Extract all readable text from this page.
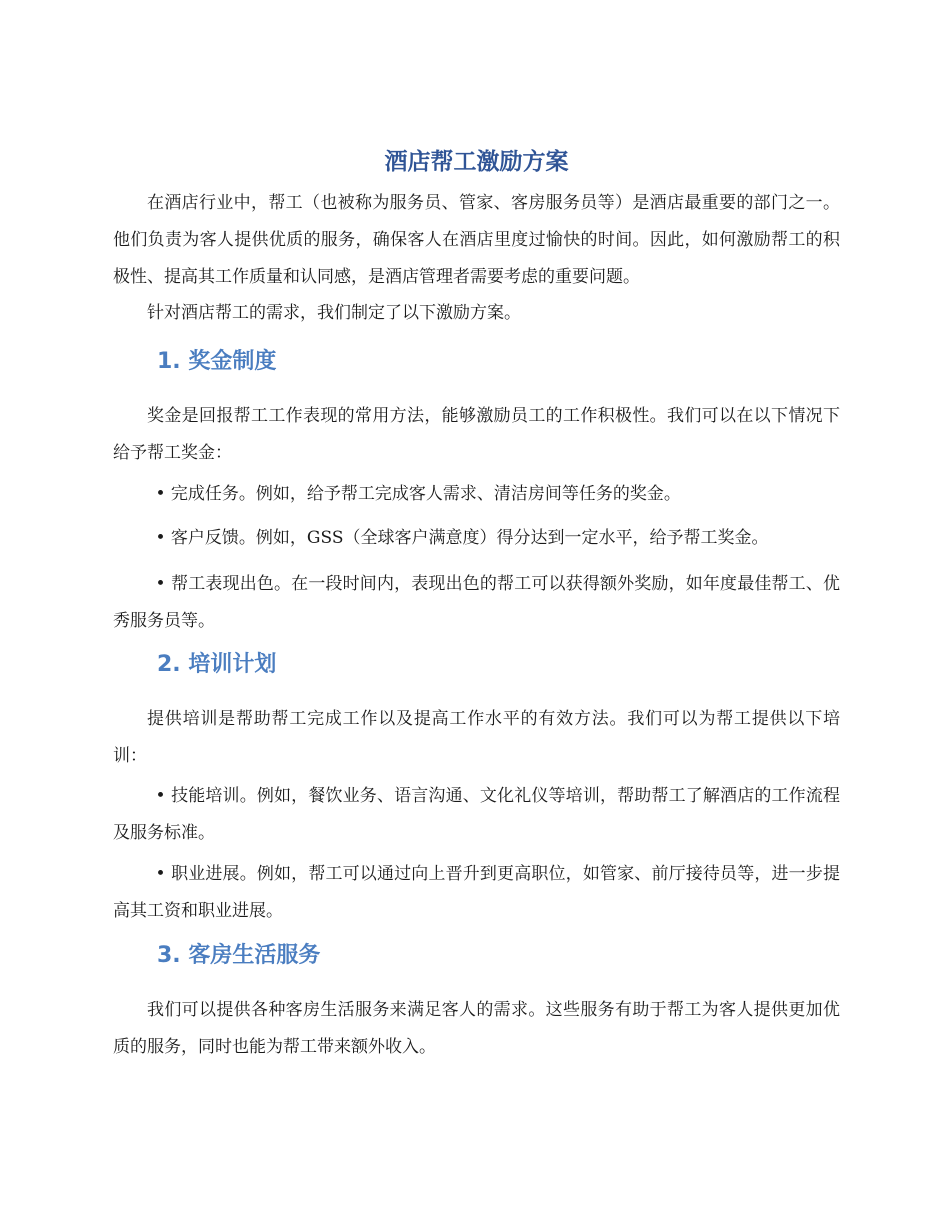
酒店帮工激励方案

在酒店行业中，帮工（也被称为服务员、管家、客房服务员等）是酒店最重要的部门之一。他们负责为客人提供优质的服务，确保客人在酒店里度过愉快的时间。因此，如何激励帮工的积极性、提高其工作质量和认同感，是酒店管理者需要考虑的重要问题。

针对酒店帮工的需求，我们制定了以下激励方案。

1. 奖金制度

奖金是回报帮工工作表现的常用方法，能够激励员工的工作积极性。我们可以在以下情况下给予帮工奖金：

• 完成任务。例如，给予帮工完成客人需求、清洁房间等任务的奖金。

• 客户反馈。例如，GSS（全球客户满意度）得分达到一定水平，给予帮工奖金。

• 帮工表现出色。在一段时间内，表现出色的帮工可以获得额外奖励，如年度最佳帮工、优秀服务员等。

2. 培训计划

提供培训是帮助帮工完成工作以及提高工作水平的有效方法。我们可以为帮工提供以下培训：

• 技能培训。例如，餐饮业务、语言沟通、文化礼仪等培训，帮助帮工了解酒店的工作流程及服务标准。

• 职业进展。例如，帮工可以通过向上晋升到更高职位，如管家、前厅接待员等，进一步提高其工资和职业进展。

3. 客房生活服务

我们可以提供各种客房生活服务来满足客人的需求。这些服务有助于帮工为客人提供更加优质的服务，同时也能为帮工带来额外收入。
